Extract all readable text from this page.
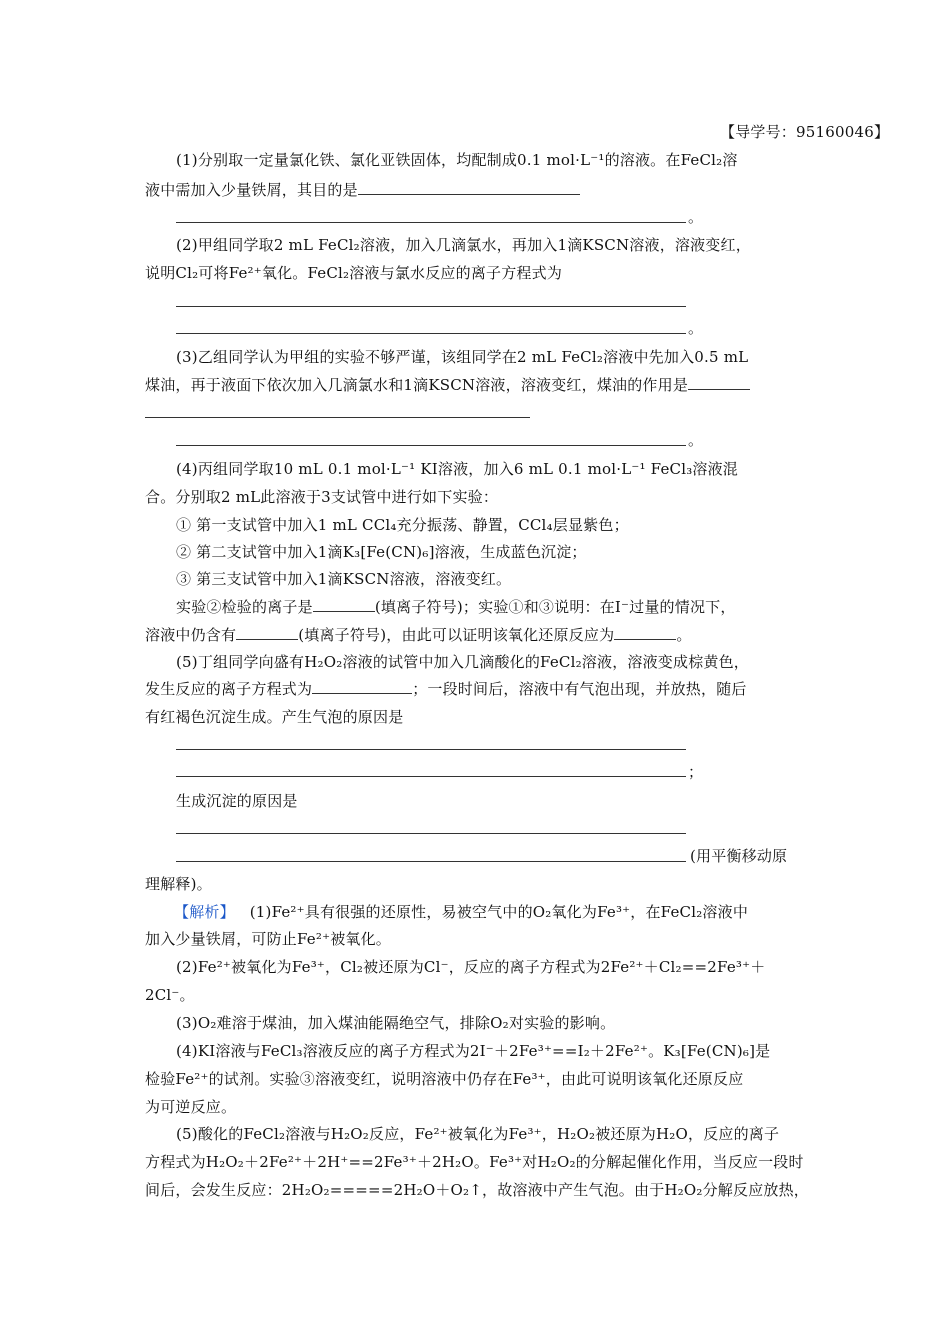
【导学号：95160046】
(1)分别取一定量氯化铁、氯化亚铁固体，均配制成0.1 mol·L⁻¹的溶液。在FeCl₂溶
液中需加入少量铁屑，其目的是
。
(2)甲组同学取2 mL FeCl₂溶液，加入几滴氯水，再加入1滴KSCN溶液，溶液变红，
说明Cl₂可将Fe²⁺氧化。FeCl₂溶液与氯水反应的离子方程式为
。
(3)乙组同学认为甲组的实验不够严谨，该组同学在2 mL FeCl₂溶液中先加入0.5 mL
煤油，再于液面下依次加入几滴氯水和1滴KSCN溶液，溶液变红，煤油的作用是
。
(4)丙组同学取10 mL 0.1 mol·L⁻¹ KI溶液，加入6 mL 0.1 mol·L⁻¹ FeCl₃溶液混
合。分别取2 mL此溶液于3支试管中进行如下实验：
① 第一支试管中加入1 mL CCl₄充分振荡、静置，CCl₄层显紫色；
② 第二支试管中加入1滴K₃[Fe(CN)₆]溶液，生成蓝色沉淀；
③ 第三支试管中加入1滴KSCN溶液，溶液变红。
实验②检验的离子是	(填离子符号)；实验①和③说明：在I⁻过量的情况下，
溶液中仍含有	(填离子符号)，由此可以证明该氧化还原反应为	。
(5)丁组同学向盛有H₂O₂溶液的试管中加入几滴酸化的FeCl₂溶液，溶液变成棕黄色，
发生反应的离子方程式为	；一段时间后，溶液中有气泡出现，并放热，随后
有红褐色沉淀生成。产生气泡的原因是
；
生成沉淀的原因是
(用平衡移动原
理解释)。
【解析】 (1)Fe²⁺具有很强的还原性，易被空气中的O₂氧化为Fe³⁺，在FeCl₂溶液中
加入少量铁屑，可防止Fe²⁺被氧化。
(2)Fe²⁺被氧化为Fe³⁺，Cl₂被还原为Cl⁻，反应的离子方程式为2Fe²⁺＋Cl₂==2Fe³⁺＋
2Cl⁻。
(3)O₂难溶于煤油，加入煤油能隔绝空气，排除O₂对实验的影响。
(4)KI溶液与FeCl₃溶液反应的离子方程式为2I⁻＋2Fe³⁺==I₂＋2Fe²⁺。K₃[Fe(CN)₆]是
检验Fe²⁺的试剂。实验③溶液变红，说明溶液中仍存在Fe³⁺，由此可说明该氧化还原反应
为可逆反应。
(5)酸化的FeCl₂溶液与H₂O₂反应，Fe²⁺被氧化为Fe³⁺，H₂O₂被还原为H₂O，反应的离子
方程式为H₂O₂＋2Fe²⁺＋2H⁺==2Fe³⁺＋2H₂O。Fe³⁺对H₂O₂的分解起催化作用，当反应一段时
间后，会发生反应：2H₂O₂=====2H₂O＋O₂↑，故溶液中产生气泡。由于H₂O₂分解反应放热，
